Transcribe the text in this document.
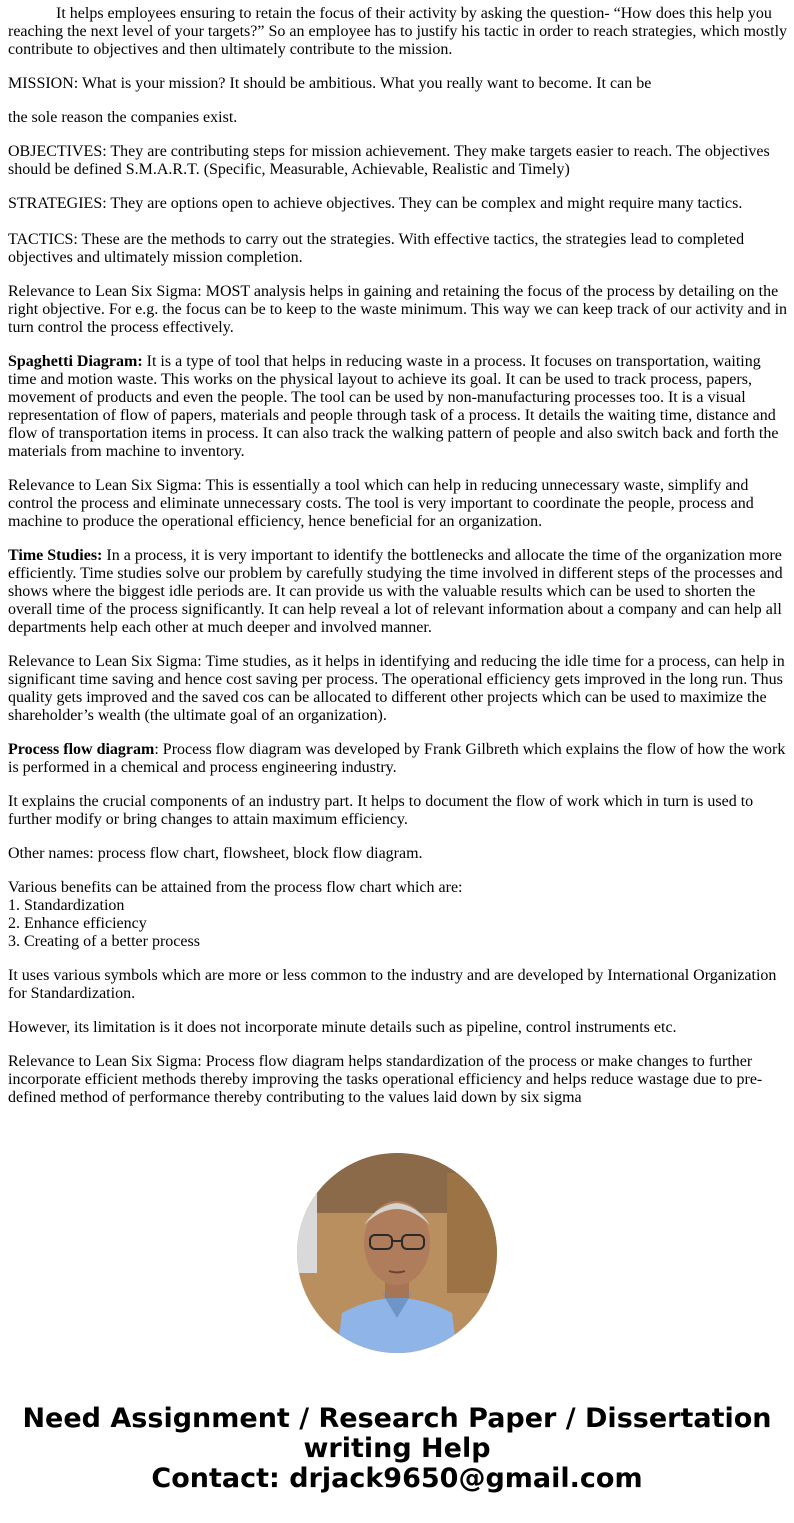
It helps employees ensuring to retain the focus of their activity by asking the question- “How does this help you reaching the next level of your targets?” So an employee has to justify his tactic in order to reach strategies, which mostly contribute to objectives and then ultimately contribute to the mission.

MISSION: What is your mission? It should be ambitious. What you really want to become. It can be

the sole reason the companies exist.

OBJECTIVES: They are contributing steps for mission achievement. They make targets easier to reach. The objectives should be defined S.M.A.R.T. (Specific, Measurable, Achievable, Realistic and Timely)

STRATEGIES: They are options open to achieve objectives. They can be complex and might require many tactics.

TACTICS: These are the methods to carry out the strategies. With effective tactics, the strategies lead to completed objectives and ultimately mission completion.

Relevance to Lean Six Sigma: MOST analysis helps in gaining and retaining the focus of the process by detailing on the right objective. For e.g. the focus can be to keep to the waste minimum. This way we can keep track of our activity and in turn control the process effectively.

Spaghetti Diagram: It is a type of tool that helps in reducing waste in a process. It focuses on transportation, waiting time and motion waste. This works on the physical layout to achieve its goal. It can be used to track process, papers, movement of products and even the people. The tool can be used by non-manufacturing processes too. It is a visual representation of flow of papers, materials and people through task of a process. It details the waiting time, distance and flow of transportation items in process. It can also track the walking pattern of people and also switch back and forth the materials from machine to inventory.

Relevance to Lean Six Sigma: This is essentially a tool which can help in reducing unnecessary waste, simplify and control the process and eliminate unnecessary costs. The tool is very important to coordinate the people, process and machine to produce the operational efficiency, hence beneficial for an organization.

Time Studies: In a process, it is very important to identify the bottlenecks and allocate the time of the organization more efficiently. Time studies solve our problem by carefully studying the time involved in different steps of the processes and shows where the biggest idle periods are. It can provide us with the valuable results which can be used to shorten the overall time of the process significantly. It can help reveal a lot of relevant information about a company and can help all departments help each other at much deeper and involved manner.

Relevance to Lean Six Sigma: Time studies, as it helps in identifying and reducing the idle time for a process, can help in significant time saving and hence cost saving per process. The operational efficiency gets improved in the long run. Thus quality gets improved and the saved cos can be allocated to different other projects which can be used to maximize the shareholder’s wealth (the ultimate goal of an organization).

Process flow diagram: Process flow diagram was developed by Frank Gilbreth which explains the flow of how the work is performed in a chemical and process engineering industry.

It explains the crucial components of an industry part. It helps to document the flow of work which in turn is used to further modify or bring changes to attain maximum efficiency.

Other names: process flow chart, flowsheet, block flow diagram.

Various benefits can be attained from the process flow chart which are:
1. Standardization
2. Enhance efficiency
3. Creating of a better process

It uses various symbols which are more or less common to the industry and are developed by International Organization for Standardization.

However, its limitation is it does not incorporate minute details such as pipeline, control instruments etc.

Relevance to Lean Six Sigma: Process flow diagram helps standardization of the process or make changes to further incorporate efficient methods thereby improving the tasks operational efficiency and helps reduce wastage due to pre-defined method of performance thereby contributing to the values laid down by six sigma

Need Assignment / Research Paper / Dissertation
writing Help
Contact: drjack9650@gmail.com
